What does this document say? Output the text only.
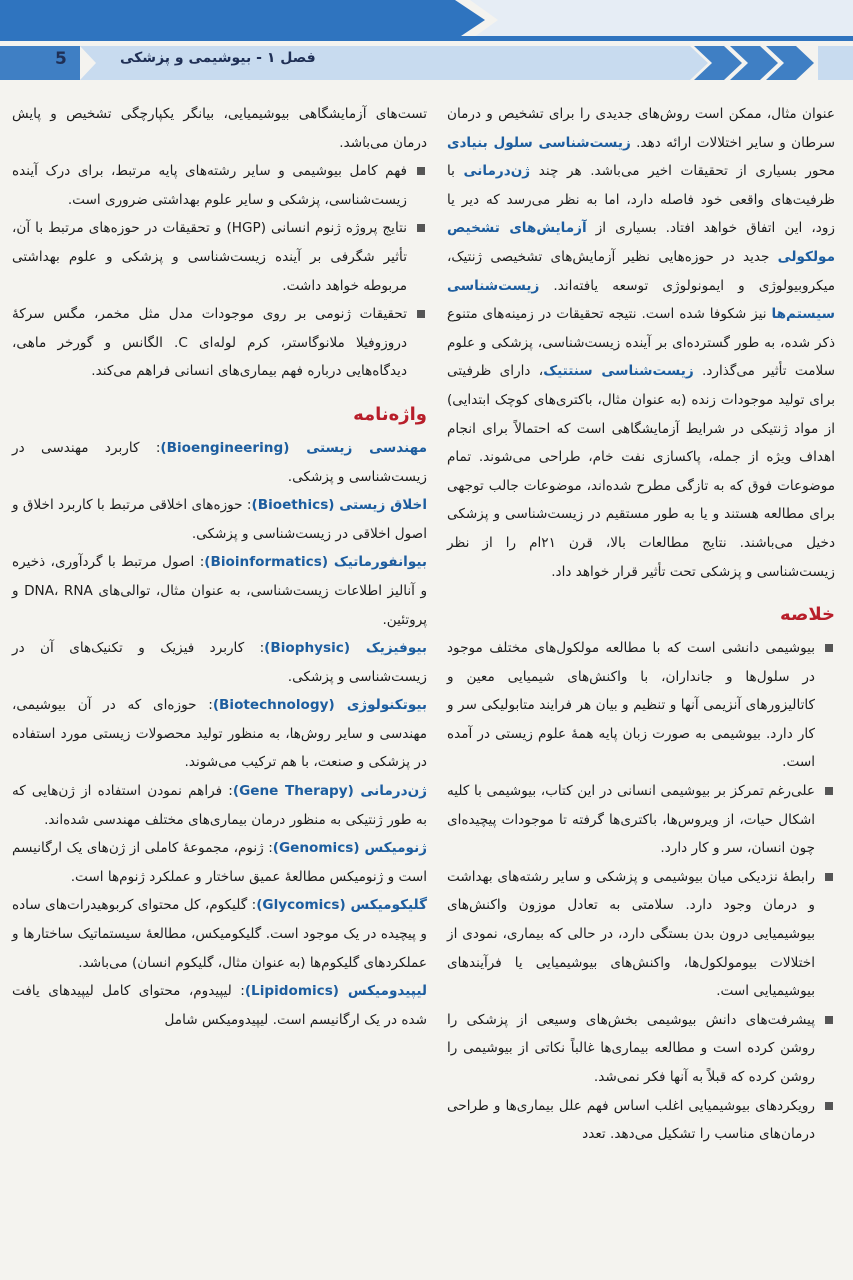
5	فصل ۱ - بیوشیمی و پزشکی

عنوان مثال، ممکن است روش‌های جدیدی را برای تشخیص و درمان سرطان و سایر اختلالات ارائه دهد. زیست‌شناسی سلول بنیادی محور بسیاری از تحقیقات اخیر می‌باشد. هر چند ژن‌درمانی با ظرفیت‌های واقعی خود فاصله دارد، اما به نظر می‌رسد که دیر یا زود، این اتفاق خواهد افتاد. بسیاری از آزمایش‌های تشخیص مولکولی جدید در حوزه‌هایی نظیر آزمایش‌های تشخیصی ژنتیک، میکروبیولوژی و ایمونولوژی توسعه یافته‌اند. زیست‌شناسی سیستم‌ها نیز شکوفا شده است. نتیجه تحقیقات در زمینه‌های متنوع ذکر شده، به طور گسترده‌ای بر آینده زیست‌شناسی، پزشکی و علوم سلامت تأثیر می‌گذارد. زیست‌شناسی سنتتیک، دارای ظرفیتی برای تولید موجودات زنده (به عنوان مثال، باکتری‌های کوچک ابتدایی) از مواد ژنتیکی در شرایط آزمایشگاهی است که احتمالاً برای انجام اهداف ویژه از جمله، پاکسازی نفت خام، طراحی می‌شوند. تمام موضوعات فوق که به تازگی مطرح شده‌اند، موضوعات جالب توجهی برای مطالعه هستند و یا به طور مستقیم در زیست‌شناسی و پزشکی دخیل می‌باشند. نتایج مطالعات بالا، قرن ۲۱ام را از نظر زیست‌شناسی و پزشکی تحت تأثیر قرار خواهد داد.

خلاصه
بیوشیمی دانشی است که با مطالعه مولکول‌های مختلف موجود در سلول‌ها و جانداران، با واکنش‌های شیمیایی معین و کاتالیزورهای آنزیمی آنها و تنظیم و بیان هر فرایند متابولیکی سر و کار دارد. بیوشیمی به صورت زبان پایه همهٔ علوم زیستی در آمده است.
علی‌رغم تمرکز بر بیوشیمی انسانی در این کتاب، بیوشیمی با کلیه اشکال حیات، از ویروس‌ها، باکتری‌ها گرفته تا موجودات پیچیده‌ای چون انسان، سر و کار دارد.
رابطهٔ نزدیکی میان بیوشیمی و پزشکی و سایر رشته‌های بهداشت و درمان وجود دارد. سلامتی به تعادل موزون واکنش‌های بیوشیمیایی درون بدن بستگی دارد، در حالی که بیماری، نمودی از اختلالات بیومولکول‌ها، واکنش‌های بیوشیمیایی یا فرآیندهای بیوشیمیایی است.
پیشرفت‌های دانش بیوشیمی بخش‌های وسیعی از پزشکی را روشن کرده است و مطالعه بیماری‌ها غالباً نکاتی از بیوشیمی را روشن کرده که قبلاً به آنها فکر نمی‌شد.
رویکردهای بیوشیمیایی اغلب اساس فهم علل بیماری‌ها و طراحی درمان‌های مناسب را تشکیل می‌دهد. تعدد

تست‌های آزمایشگاهی بیوشیمیایی، بیانگر یکپارچگی تشخیص و پایش درمان می‌باشد.

فهم کامل بیوشیمی و سایر رشته‌های پایه مرتبط، برای درک آینده زیست‌شناسی، پزشکی و سایر علوم بهداشتی ضروری است.
نتایج پروژه ژنوم انسانی (HGP) و تحقیقات در حوزه‌های مرتبط با آن، تأثیر شگرفی بر آینده زیست‌شناسی و پزشکی و علوم بهداشتی مربوطه خواهد داشت.
تحقیقات ژنومی بر روی موجودات مدل مثل مخمر، مگس سرکهٔ دروزوفیلا ملانوگاستر، کرم لوله‌ای C. الگانس و گورخر ماهی، دیدگاه‌هایی درباره فهم بیماری‌های انسانی فراهم می‌کند.
واژه‌نامه

مهندسی زیستی (Bioengineering): کاربرد مهندسی در زیست‌شناسی و پزشکی.

اخلاق زیستی (Bioethics): حوزه‌های اخلاقی مرتبط با کاربرد اخلاق و اصول اخلاقی در زیست‌شناسی و پزشکی.

بیوانفورماتیک (Bioinformatics): اصول مرتبط با گردآوری، ذخیره و آنالیز اطلاعات زیست‌شناسی، به عنوان مثال، توالی‌های DNA، RNA و پروتئین.

بیوفیزیک (Biophysic): کاربرد فیزیک و تکنیک‌های آن در زیست‌شناسی و پزشکی.

بیوتکنولوژی (Biotechnology): حوزه‌ای که در آن بیوشیمی، مهندسی و سایر روش‌ها، به منظور تولید محصولات زیستی مورد استفاده در پزشکی و صنعت، با هم ترکیب می‌شوند.

ژن‌درمانی (Gene Therapy): فراهم نمودن استفاده از ژن‌هایی که به طور ژنتیکی به منظور درمان بیماری‌های مختلف مهندسی شده‌اند.

ژنومیکس (Genomics): ژنوم، مجموعهٔ کاملی از ژن‌های یک ارگانیسم است و ژنومیکس مطالعهٔ عمیق ساختار و عملکرد ژنوم‌ها است.

گلیکومیکس (Glycomics): گلیکوم، کل محتوای کربوهیدرات‌های ساده و پیچیده در یک موجود است. گلیکومیکس، مطالعهٔ سیستماتیک ساختارها و عملکردهای گلیکوم‌ها (به عنوان مثال، گلیکوم انسان) می‌باشد.

لیپیدومیکس (Lipidomics): لیپیدوم، محتوای کامل لیپیدهای یافت شده در یک ارگانیسم است. لیپیدومیکس شامل
